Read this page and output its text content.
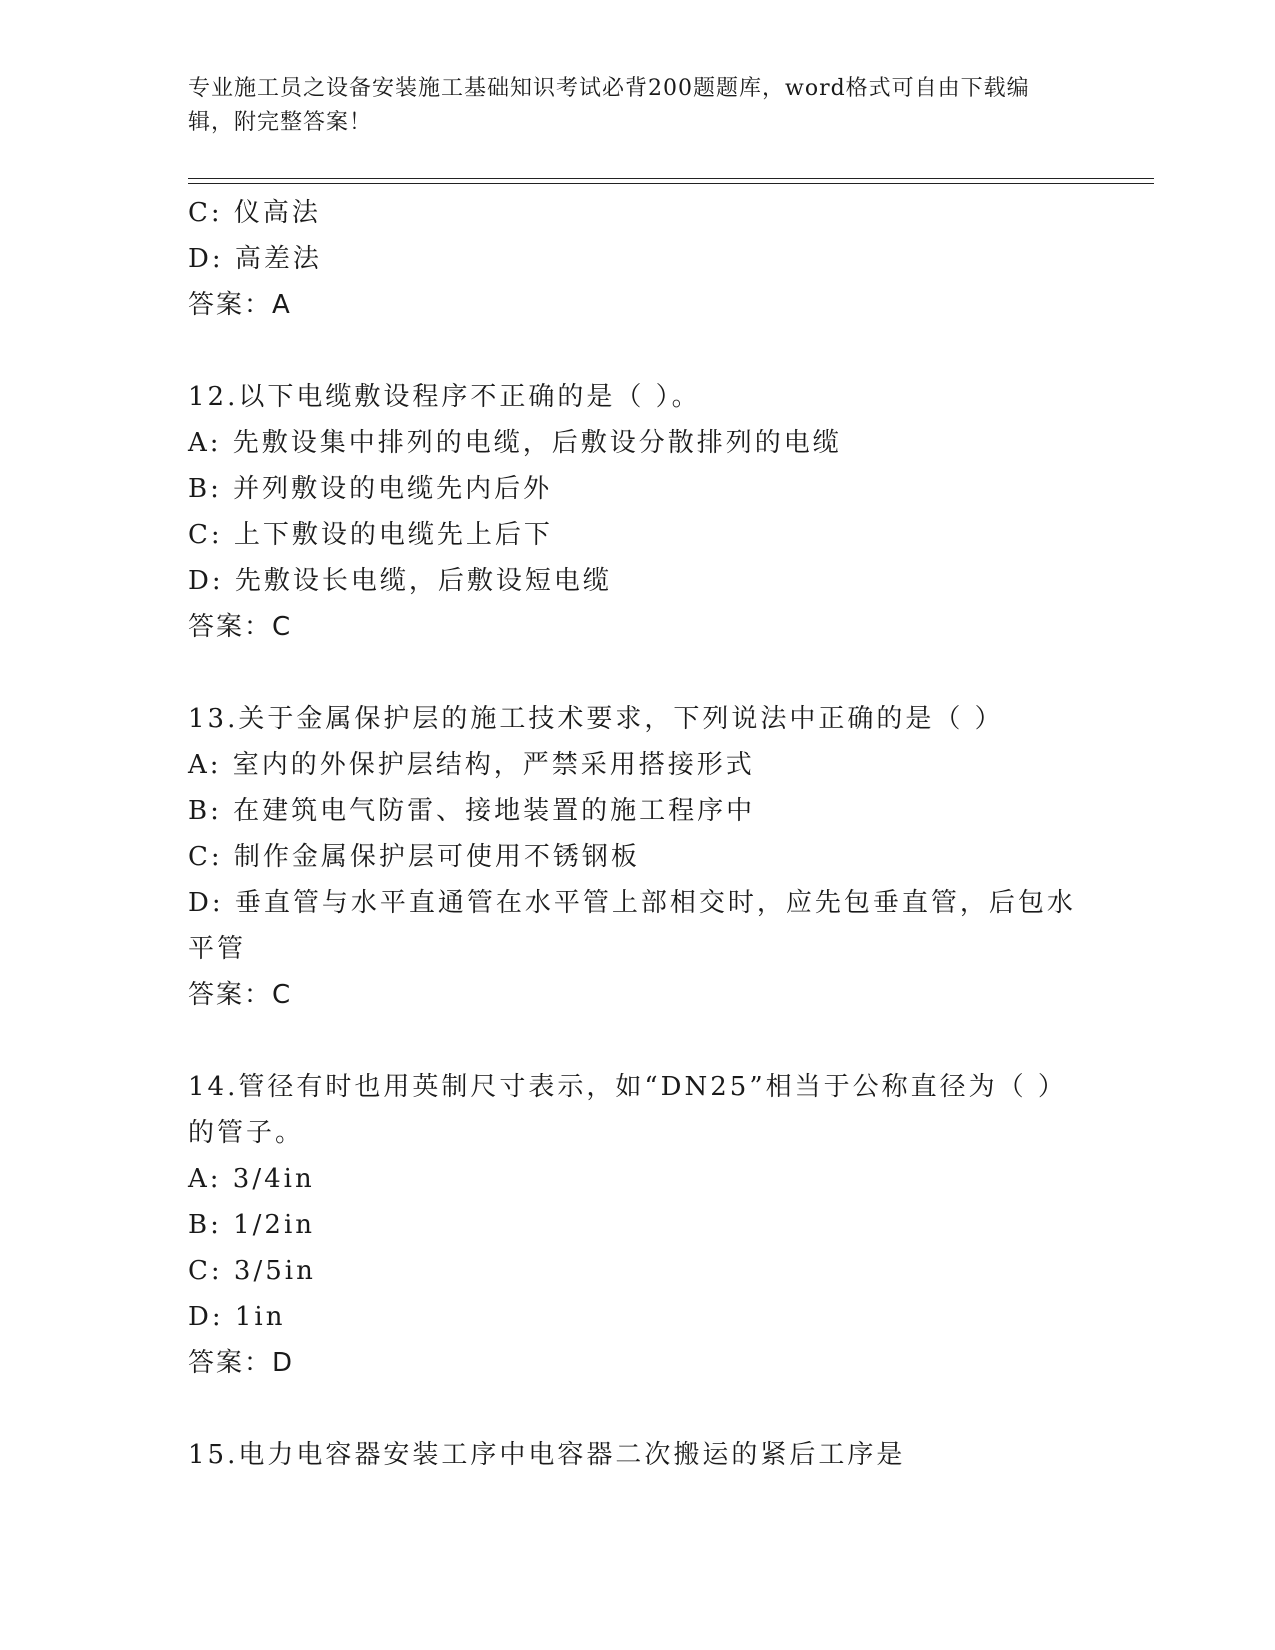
专业施工员之设备安装施工基础知识考试必背200题题库，word格式可自由下载编辑，附完整答案！
C: 仪高法
D: 高差法
答案：A
12.以下电缆敷设程序不正确的是（ ）。
A: 先敷设集中排列的电缆，后敷设分散排列的电缆
B: 并列敷设的电缆先内后外
C: 上下敷设的电缆先上后下
D: 先敷设长电缆，后敷设短电缆
答案：C
13.关于金属保护层的施工技术要求，下列说法中正确的是（ ）
A: 室内的外保护层结构，严禁采用搭接形式
B: 在建筑电气防雷、接地装置的施工程序中
C: 制作金属保护层可使用不锈钢板
D: 垂直管与水平直通管在水平管上部相交时，应先包垂直管，后包水平管
答案：C
14.管径有时也用英制尺寸表示，如“DN25”相当于公称直径为（ ）的管子。
A: 3/4in
B: 1/2in
C: 3/5in
D: 1in
答案：D
15.电力电容器安装工序中电容器二次搬运的紧后工序是
